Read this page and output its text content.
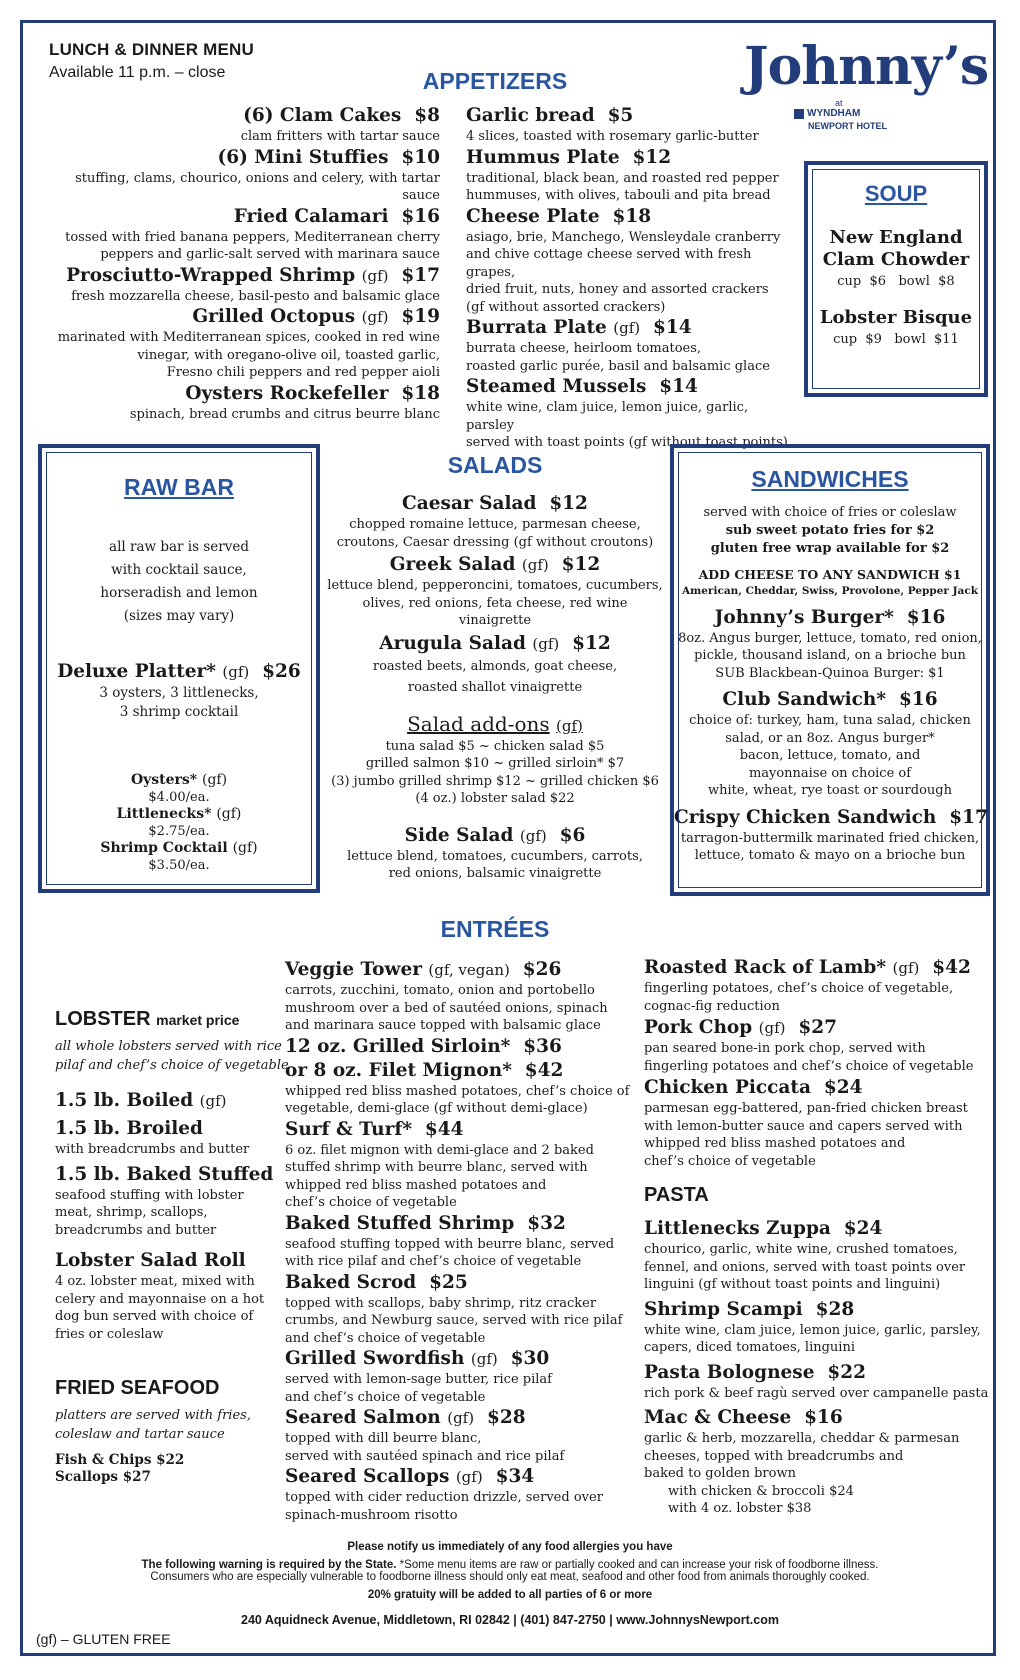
LUNCH & DINNER MENU
Available 11 p.m. – close	Johnny’s
at
WYNDHAM
NEWPORT HOTEL
APPETIZERS
(6) Clam Cakes $8
clam fritters with tartar sauce
(6) Mini Stuffies $10
stuffing, clams, chourico, onions and celery, with tartar sauce
Fried Calamari $16
tossed with fried banana peppers, Mediterranean cherry
peppers and garlic-salt served with marinara sauce
Prosciutto-Wrapped Shrimp (gf) $17
fresh mozzarella cheese, basil-pesto and balsamic glace
Grilled Octopus (gf) $19
marinated with Mediterranean spices, cooked in red wine
vinegar, with oregano-olive oil, toasted garlic,
Fresno chili peppers and red pepper aioli
Oysters Rockefeller $18
spinach, bread crumbs and citrus beurre blanc
Garlic bread $5
4 slices, toasted with rosemary garlic-butter
Hummus Plate $12
traditional, black bean, and roasted red pepper
hummuses, with olives, tabouli and pita bread
Cheese Plate $18
asiago, brie, Manchego, Wensleydale cranberry
and chive cottage cheese served with fresh grapes,
dried fruit, nuts, honey and assorted crackers
(gf without assorted crackers)
Burrata Plate (gf) $14
burrata cheese, heirloom tomatoes,
roasted garlic purée, basil and balsamic glace
Steamed Mussels $14
white wine, clam juice, lemon juice, garlic, parsley
served with toast points (gf without toast points)
SOUP
New England
Clam Chowder
cup  $6   bowl  $8
Lobster Bisque
cup  $9   bowl  $11
RAW BAR
all raw bar is served
with cocktail sauce,
horseradish and lemon
(sizes may vary)
Deluxe Platter* (gf) $26
3 oysters, 3 littlenecks,
3 shrimp cocktail
Oysters* (gf)
$4.00/ea.
Littlenecks* (gf)
$2.75/ea.
Shrimp Cocktail (gf)
$3.50/ea.
SALADS
Caesar Salad $12
chopped romaine lettuce, parmesan cheese,
croutons, Caesar dressing (gf without croutons)
Greek Salad (gf) $12
lettuce blend, pepperoncini, tomatoes, cucumbers,
olives, red onions, feta cheese, red wine vinaigrette
Arugula Salad (gf) $12
roasted beets, almonds, goat cheese,
roasted shallot vinaigrette
Salad add-ons (gf)
tuna salad $5 ~ chicken salad $5
grilled salmon $10 ~ grilled sirloin* $7
(3) jumbo grilled shrimp $12 ~ grilled chicken $6
(4 oz.) lobster salad $22
Side Salad (gf) $6
lettuce blend, tomatoes, cucumbers, carrots,
red onions, balsamic vinaigrette
SANDWICHES
served with choice of fries or coleslaw
sub sweet potato fries for $2
gluten free wrap available for $2
ADD CHEESE TO ANY SANDWICH $1
American, Cheddar, Swiss, Provolone, Pepper Jack
Johnny’s Burger* $16
8oz. Angus burger, lettuce, tomato, red onion,
pickle, thousand island, on a brioche bun
SUB Blackbean-Quinoa Burger: $1
Club Sandwich* $16
choice of: turkey, ham, tuna salad, chicken
salad, or an 8oz. Angus burger*
bacon, lettuce, tomato, and
mayonnaise on choice of
white, wheat, rye toast or sourdough
Crispy Chicken Sandwich $17
tarragon-buttermilk marinated fried chicken,
lettuce, tomato & mayo on a brioche bun
ENTRÉES
LOBSTER market price
all whole lobsters served with rice
pilaf and chef’s choice of vegetable
1.5 lb. Boiled (gf)
1.5 lb. Broiled
with breadcrumbs and butter
1.5 lb. Baked Stuffed
seafood stuffing with lobster
meat, shrimp, scallops,
breadcrumbs and butter
Lobster Salad Roll
4 oz. lobster meat, mixed with
celery and mayonnaise on a hot
dog bun served with choice of
fries or coleslaw
FRIED SEAFOOD
platters are served with fries,
coleslaw and tartar sauce
Fish & Chips $22
Scallops $27
Veggie Tower (gf, vegan) $26
carrots, zucchini, tomato, onion and portobello
mushroom over a bed of sautéed onions, spinach
and marinara sauce topped with balsamic glace
12 oz. Grilled Sirloin* $36
or 8 oz. Filet Mignon* $42
whipped red bliss mashed potatoes, chef’s choice of
vegetable, demi-glace (gf without demi-glace)
Surf & Turf* $44
6 oz. filet mignon with demi-glace and 2 baked
stuffed shrimp with beurre blanc, served with
whipped red bliss mashed potatoes and
chef’s choice of vegetable
Baked Stuffed Shrimp $32
seafood stuffing topped with beurre blanc, served
with rice pilaf and chef’s choice of vegetable
Baked Scrod $25
topped with scallops, baby shrimp, ritz cracker
crumbs, and Newburg sauce, served with rice pilaf
and chef’s choice of vegetable
Grilled Swordfish (gf) $30
served with lemon-sage butter, rice pilaf
and chef’s choice of vegetable
Seared Salmon (gf) $28
topped with dill beurre blanc,
served with sautéed spinach and rice pilaf
Seared Scallops (gf) $34
topped with cider reduction drizzle, served over
spinach-mushroom risotto
Roasted Rack of Lamb* (gf) $42
fingerling potatoes, chef’s choice of vegetable,
cognac-fig reduction
Pork Chop (gf) $27
pan seared bone-in pork chop, served with
fingerling potatoes and chef’s choice of vegetable
Chicken Piccata $24
parmesan egg-battered, pan-fried chicken breast
with lemon-butter sauce and capers served with
whipped red bliss mashed potatoes and
chef’s choice of vegetable
PASTA
Littlenecks Zuppa $24
chourico, garlic, white wine, crushed tomatoes,
fennel, and onions, served with toast points over
linguini (gf without toast points and linguini)
Shrimp Scampi $28
white wine, clam juice, lemon juice, garlic, parsley,
capers, diced tomatoes, linguini
Pasta Bolognese $22
rich pork & beef ragù served over campanelle pasta
Mac & Cheese $16
garlic & herb, mozzarella, cheddar & parmesan
cheeses, topped with breadcrumbs and
baked to golden brown
with chicken & broccoli $24
with 4 oz. lobster $38
Please notify us immediately of any food allergies you have
The following warning is required by the State. *Some menu items are raw or partially cooked and can increase your risk of foodborne illness.
Consumers who are especially vulnerable to foodborne illness should only eat meat, seafood and other food from animals thoroughly cooked.
20% gratuity will be added to all parties of 6 or more
240 Aquidneck Avenue, Middletown, RI 02842 | (401) 847-2750 | www.JohnnysNewport.com
(gf) – GLUTEN FREE
